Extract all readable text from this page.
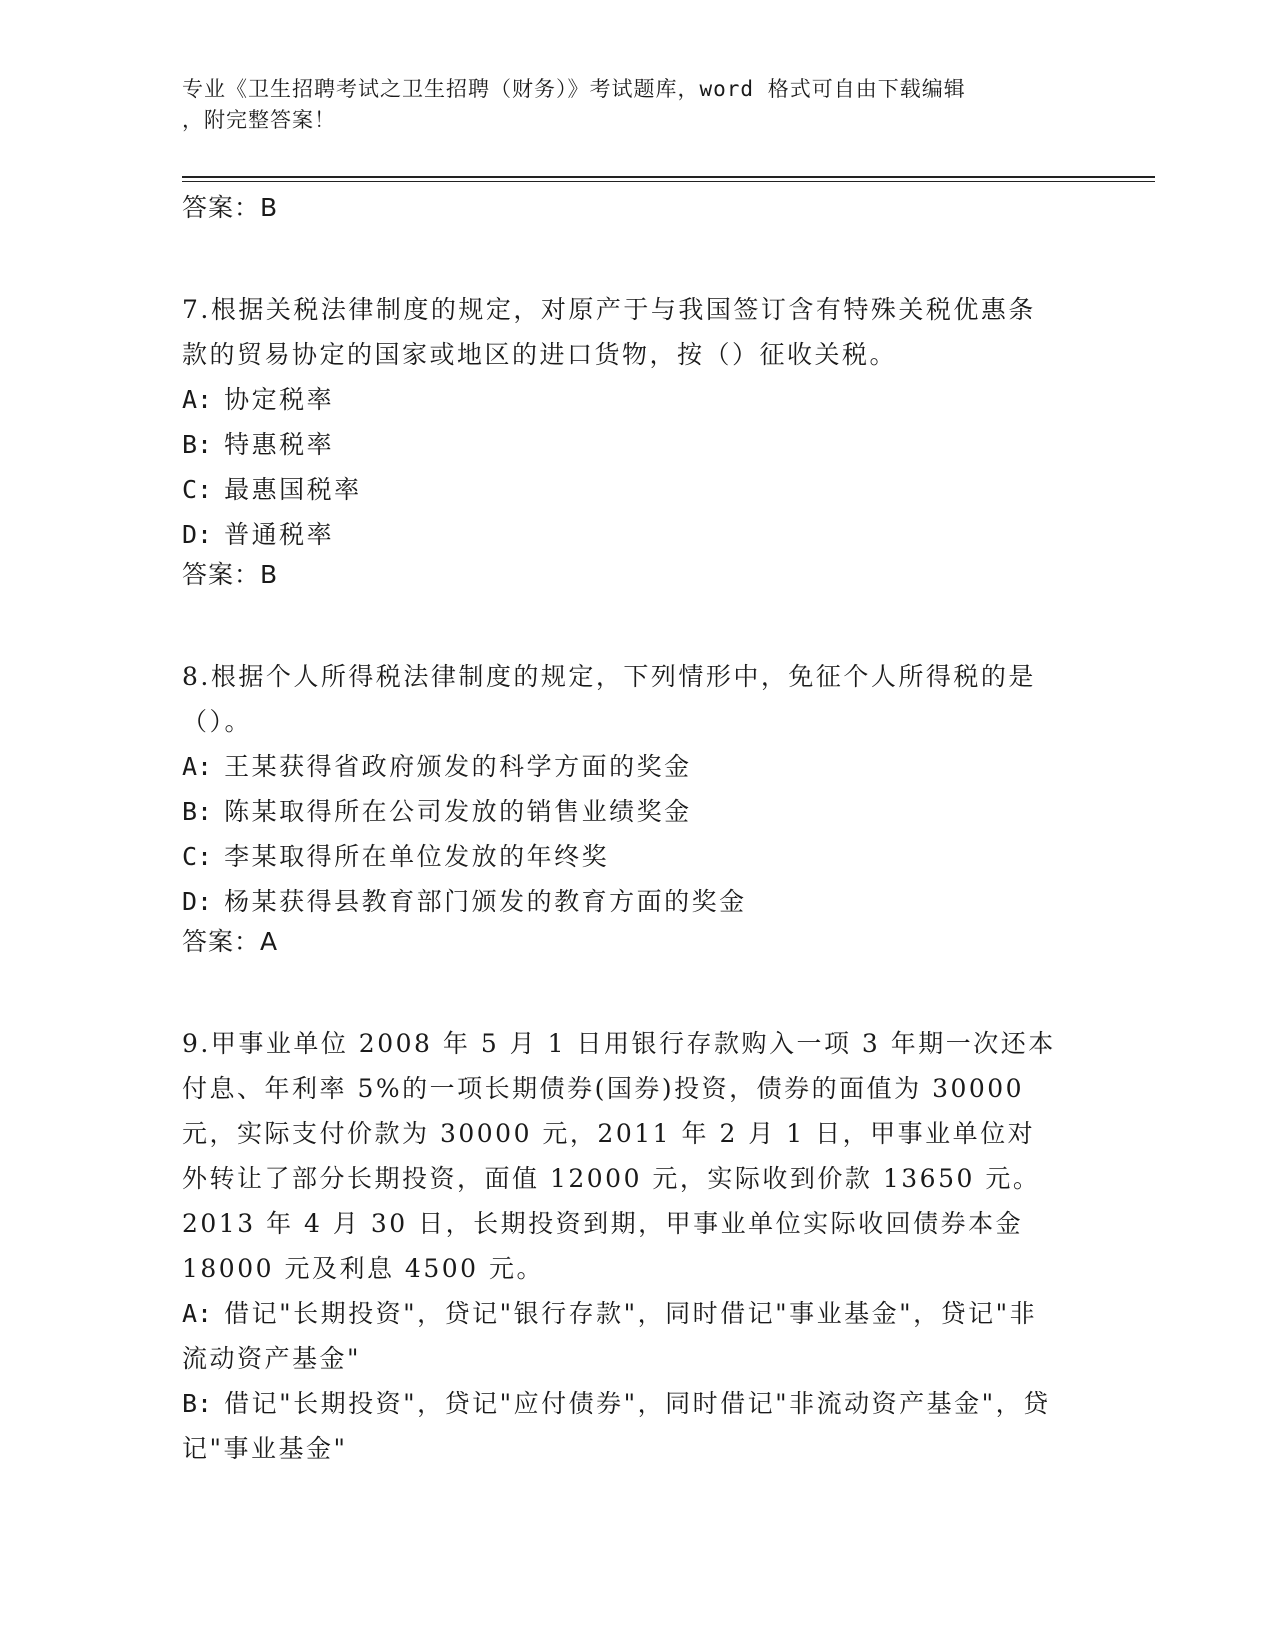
专业《卫生招聘考试之卫生招聘（财务）》考试题库，word 格式可自由下载编辑
，附完整答案！
答案：B

7.根据关税法律制度的规定，对原产于与我国签订含有特殊关税优惠条款的贸易协定的国家或地区的进口货物，按（）征收关税。

A: 协定税率
B: 特惠税率
C: 最惠国税率
D: 普通税率
答案：B

8.根据个人所得税法律制度的规定，下列情形中，免征个人所得税的是（）。

A: 王某获得省政府颁发的科学方面的奖金
B: 陈某取得所在公司发放的销售业绩奖金
C: 李某取得所在单位发放的年终奖
D: 杨某获得县教育部门颁发的教育方面的奖金
答案：A

9.甲事业单位 2008 年 5 月 1 日用银行存款购入一项 3 年期一次还本付息、年利率 5%的一项长期债券(国券)投资，债券的面值为 30000 元，实际支付价款为 30000 元，2011 年 2 月 1 日，甲事业单位对外转让了部分长期投资，面值 12000 元，实际收到价款 13650 元。2013 年 4 月 30 日，长期投资到期，甲事业单位实际收回债券本金 18000 元及利息 4500 元。

A: 借记"长期投资"，贷记"银行存款"，同时借记"事业基金"，贷记"非流动资产基金"
B: 借记"长期投资"，贷记"应付债券"，同时借记"非流动资产基金"，贷记"事业基金"
